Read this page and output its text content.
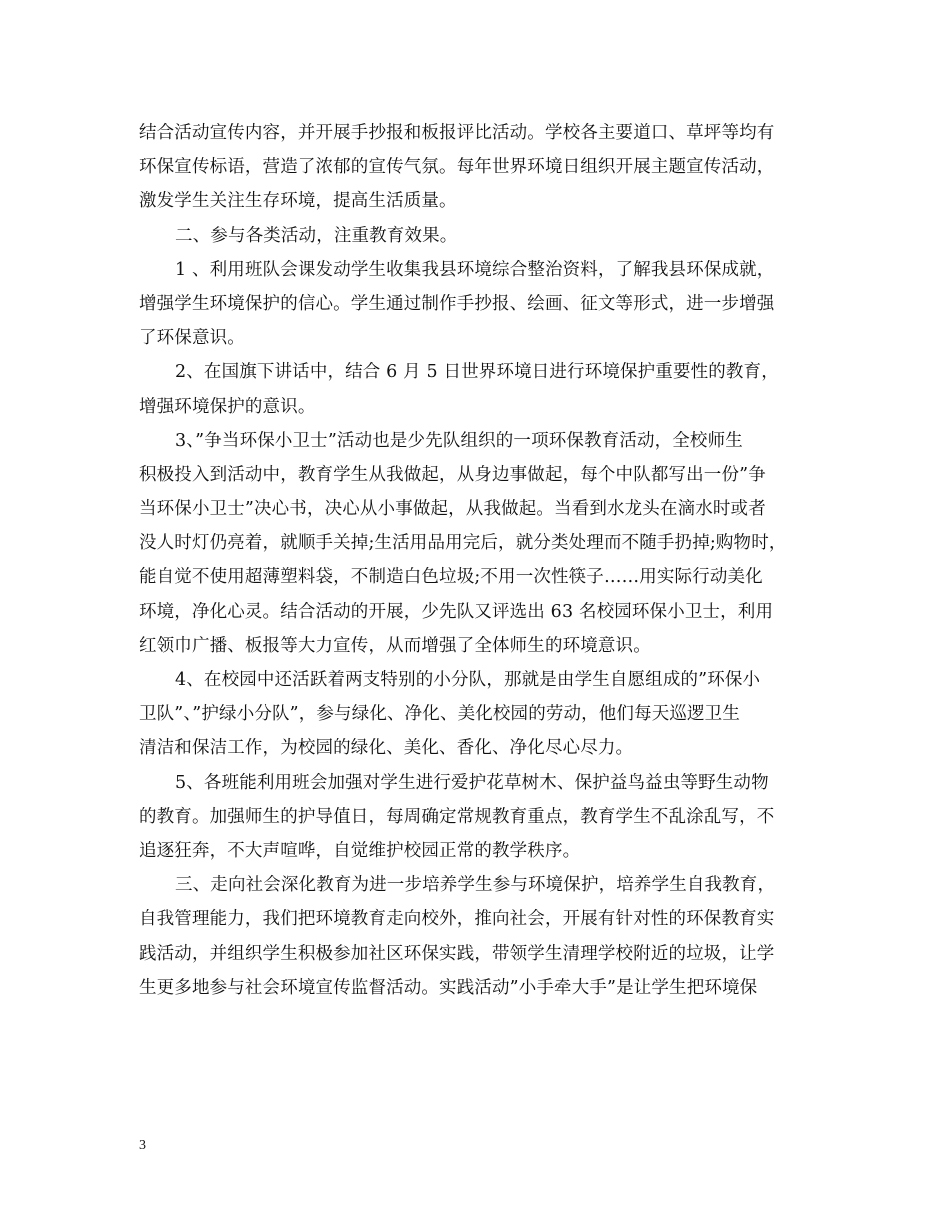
结合活动宣传内容，并开展手抄报和板报评比活动。学校各主要道口、草坪等均有
环保宣传标语，营造了浓郁的宣传气氛。每年世界环境日组织开展主题宣传活动，
激发学生关注生存环境，提高生活质量。
二、参与各类活动，注重教育效果。
1 、利用班队会课发动学生收集我县环境综合整治资料，了解我县环保成就，
增强学生环境保护的信心。学生通过制作手抄报、绘画、征文等形式，进一步增强
了环保意识。
2、在国旗下讲话中，结合 6 月 5 日世界环境日进行环境保护重要性的教育，
增强环境保护的意识。
3、”争当环保小卫士”活动也是少先队组织的一项环保教育活动，全校师生
积极投入到活动中，教育学生从我做起，从身边事做起，每个中队都写出一份”争
当环保小卫士”决心书，决心从小事做起，从我做起。当看到水龙头在滴水时或者
没人时灯仍亮着，就顺手关掉;生活用品用完后，就分类处理而不随手扔掉;购物时，
能自觉不使用超薄塑料袋，不制造白色垃圾;不用一次性筷子……用实际行动美化
环境，净化心灵。结合活动的开展，少先队又评选出 63 名校园环保小卫士，利用
红领巾广播、板报等大力宣传，从而增强了全体师生的环境意识。
4、在校园中还活跃着两支特别的小分队，那就是由学生自愿组成的”环保小
卫队”、”护绿小分队”，参与绿化、净化、美化校园的劳动，他们每天巡逻卫生
清洁和保洁工作，为校园的绿化、美化、香化、净化尽心尽力。
5、各班能利用班会加强对学生进行爱护花草树木、保护益鸟益虫等野生动物
的教育。加强师生的护导值日，每周确定常规教育重点，教育学生不乱涂乱写，不
追逐狂奔，不大声喧哗，自觉维护校园正常的教学秩序。
三、走向社会深化教育为进一步培养学生参与环境保护，培养学生自我教育，
自我管理能力，我们把环境教育走向校外，推向社会，开展有针对性的环保教育实
践活动，并组织学生积极参加社区环保实践，带领学生清理学校附近的垃圾，让学
生更多地参与社会环境宣传监督活动。实践活动”小手牵大手”是让学生把环境保
3
